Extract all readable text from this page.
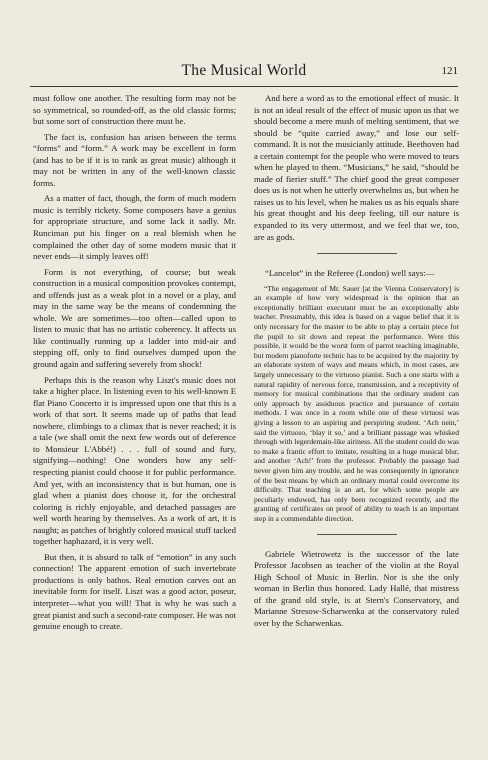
The Musical World	121

must follow one another. The resulting form may not be so symmetrical, so rounded-off, as the old classic forms; but some sort of construction there must be.

The fact is, confusion has arisen between the terms “forms” and “form.” A work may be excellent in form (and has to be if it is to rank as great music) although it may not be written in any of the well-known classic forms.

As a matter of fact, though, the form of much modern music is terribly rickety. Some composers have a genius for appropriate structure, and some lack it sadly. Mr. Runciman put his finger on a real blemish when he complained the other day of some modern music that it never ends—it simply leaves off!

Form is not everything, of course; but weak construction in a musical composition provokes contempt, and offends just as a weak plot in a novel or a play, and may in the same way be the means of condemning the whole. We are sometimes—too often—called upon to listen to music that has no artistic coherency. It affects us like continually running up a ladder into mid-air and stepping off, only to find ourselves dumped upon the ground again and suffering severely from shock!

Perhaps this is the reason why Liszt's music does not take a higher place. In listening even to his well-known E flat Piano Concerto it is impressed upon one that this is a work of that sort. It seems made up of paths that lead nowhere, climbings to a climax that is never reached; it is a tale (we shall omit the next few words out of deference to Monsieur L'Abbé!) . . . full of sound and fury, signifying—nothing! One wonders how any self-respecting pianist could choose it for public performance. And yet, with an inconsistency that is but human, one is glad when a pianist does choose it, for the orchestral coloring is richly enjoyable, and detached passages are well worth hearing by themselves. As a work of art, it is naught; as patches of brightly colored musical stuff tacked together haphazard, it is very well.

But then, it is absurd to talk of “emotion” in any such connection! The apparent emotion of such invertebrate productions is only bathos. Real emotion carves out an inevitable form for itself. Liszt was a good actor, poseur, interpreter—what you will! That is why he was such a great pianist and such a second-rate composer. He was not genuine enough to create.

And here a word as to the emotional effect of music. It is not an ideal result of the effect of music upon us that we should become a mere mush of melting sentiment, that we should be “quite carried away,” and lose our self-command. It is not the musicianly attitude. Beethoven had a certain contempt for the people who were moved to tears when he played to them. “Musicians,” he said, “should be made of fierier stuff.” The chief good the great composer does us is not when he utterly overwhelms us, but when he raises us to his level, when he makes us as his equals share his great thought and his deep feeling, till our nature is expanded to its very uttermost, and we feel that we, too, are as gods.

“Lancelot” in the Referee (London) well says:—

“The engagement of Mr. Sauer [at the Vienna Conservatory] is an example of how very widespread is the opinion that an exceptionally brilliant executant must be an exceptionally able teacher. Presumably, this idea is based on a vague belief that it is only necessary for the master to be able to play a certain piece for the pupil to sit down and repeat the performance. Were this possible, it would be the worst form of parrot teaching imaginable, but modern pianoforte technic has to be acquired by the majority by an elaborate system of ways and means which, in most cases, are largely unnecessary to the virtuoso pianist. Such a one starts with a natural rapidity of nervous force, transmission, and a receptivity of memory for musical combinations that the ordinary student can only approach by assiduous practice and pursuance of certain methods. I was once in a room while one of these virtuosi was giving a lesson to an aspiring and perspiring student. ‘Ach nein,’ said the virtuoso, ‘blay it so,’ and a brilliant passage was whisked through with legerdemain-like airiness. All the student could do was to make a frantic effort to imitate, resulting in a huge musical blur, and another ‘Ach!’ from the professor. Probably the passage had never given him any trouble, and he was consequently in ignorance of the best means by which an ordinary mortal could overcome its difficulty. That teaching is an art, for which some people are peculiarly endowed, has only been recognized recently, and the granting of certificates on proof of ability to teach is an important step in a commendable direction.

Gabriele Wietrowetz is the successor of the late Professor Jacobsen as teacher of the violin at the Royal High School of Music in Berlin. Nor is she the only woman in Berlin thus honored. Lady Hallé, that mistress of the grand old style, is at Stern's Conservatory, and Marianne Stresow-Scharwenka at the conservatory ruled over by the Scharwenkas.
